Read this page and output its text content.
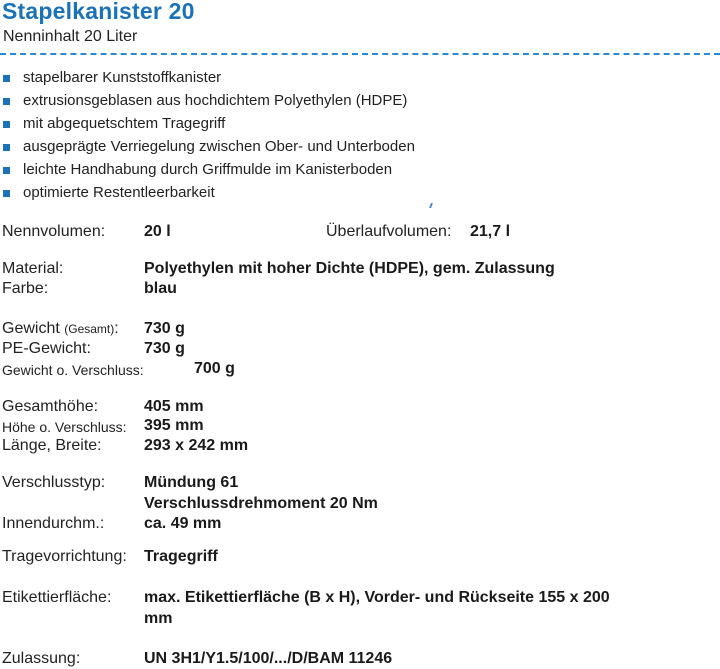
Stapelkanister 20
Nenninhalt 20 Liter
stapelbarer Kunststoffkanister
extrusionsgeblasen aus hochdichtem Polyethylen (HDPE)
mit abgequetschtem Tragegriff
ausgeprägte Verriegelung zwischen Ober- und Unterboden
leichte Handhabung durch Griffmulde im Kanisterboden
optimierte Restentleerbarkeit
Nennvolumen: 20 l	Überlaufvolumen: 21,7 l
Material:	Polyethylen mit hoher Dichte (HDPE), gem. Zulassung
Farbe:	blau
Gewicht (Gesamt): 730 g
PE-Gewicht:	730 g
Gewicht o. Verschluss:	700 g
Gesamthöhe:	405 mm
Höhe o. Verschluss: 395 mm
Länge, Breite:	293 x 242 mm
Verschlusstyp: Mündung 61
Verschlussdrehmoment 20 Nm
Innendurchm.: ca. 49 mm
Tragevorrichtung: Tragegriff
Etikettierfläche: max. Etikettierfläche (B x H), Vorder- und Rückseite 155 x 200
mm
Zulassung:	UN 3H1/Y1.5/100/.../D/BAM 11246
